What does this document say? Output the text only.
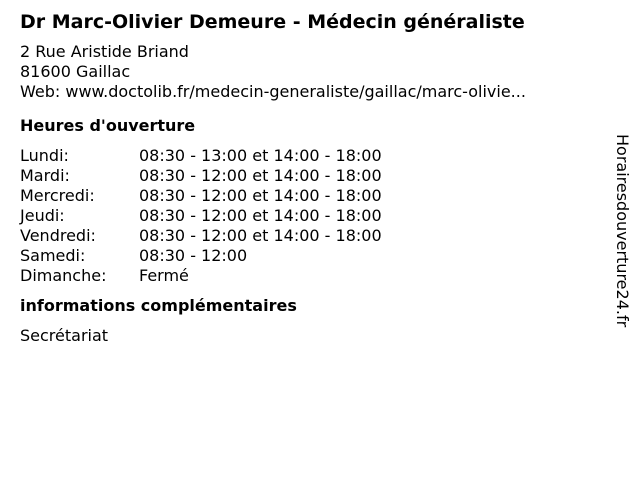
Dr Marc-Olivier Demeure - Médecin généraliste
2 Rue Aristide Briand
81600 Gaillac
Web: www.doctolib.fr/medecin-generaliste/gaillac/marc-olivie...
Heures d'ouverture
Lundi:	08:30 - 13:00 et 14:00 - 18:00
Mardi:	08:30 - 12:00 et 14:00 - 18:00
Mercredi:	08:30 - 12:00 et 14:00 - 18:00
Jeudi:	08:30 - 12:00 et 14:00 - 18:00
Vendredi:	08:30 - 12:00 et 14:00 - 18:00
Samedi:	08:30 - 12:00
Dimanche:	Fermé
informations complémentaires
Secrétariat
Horairesdouverture24.fr
